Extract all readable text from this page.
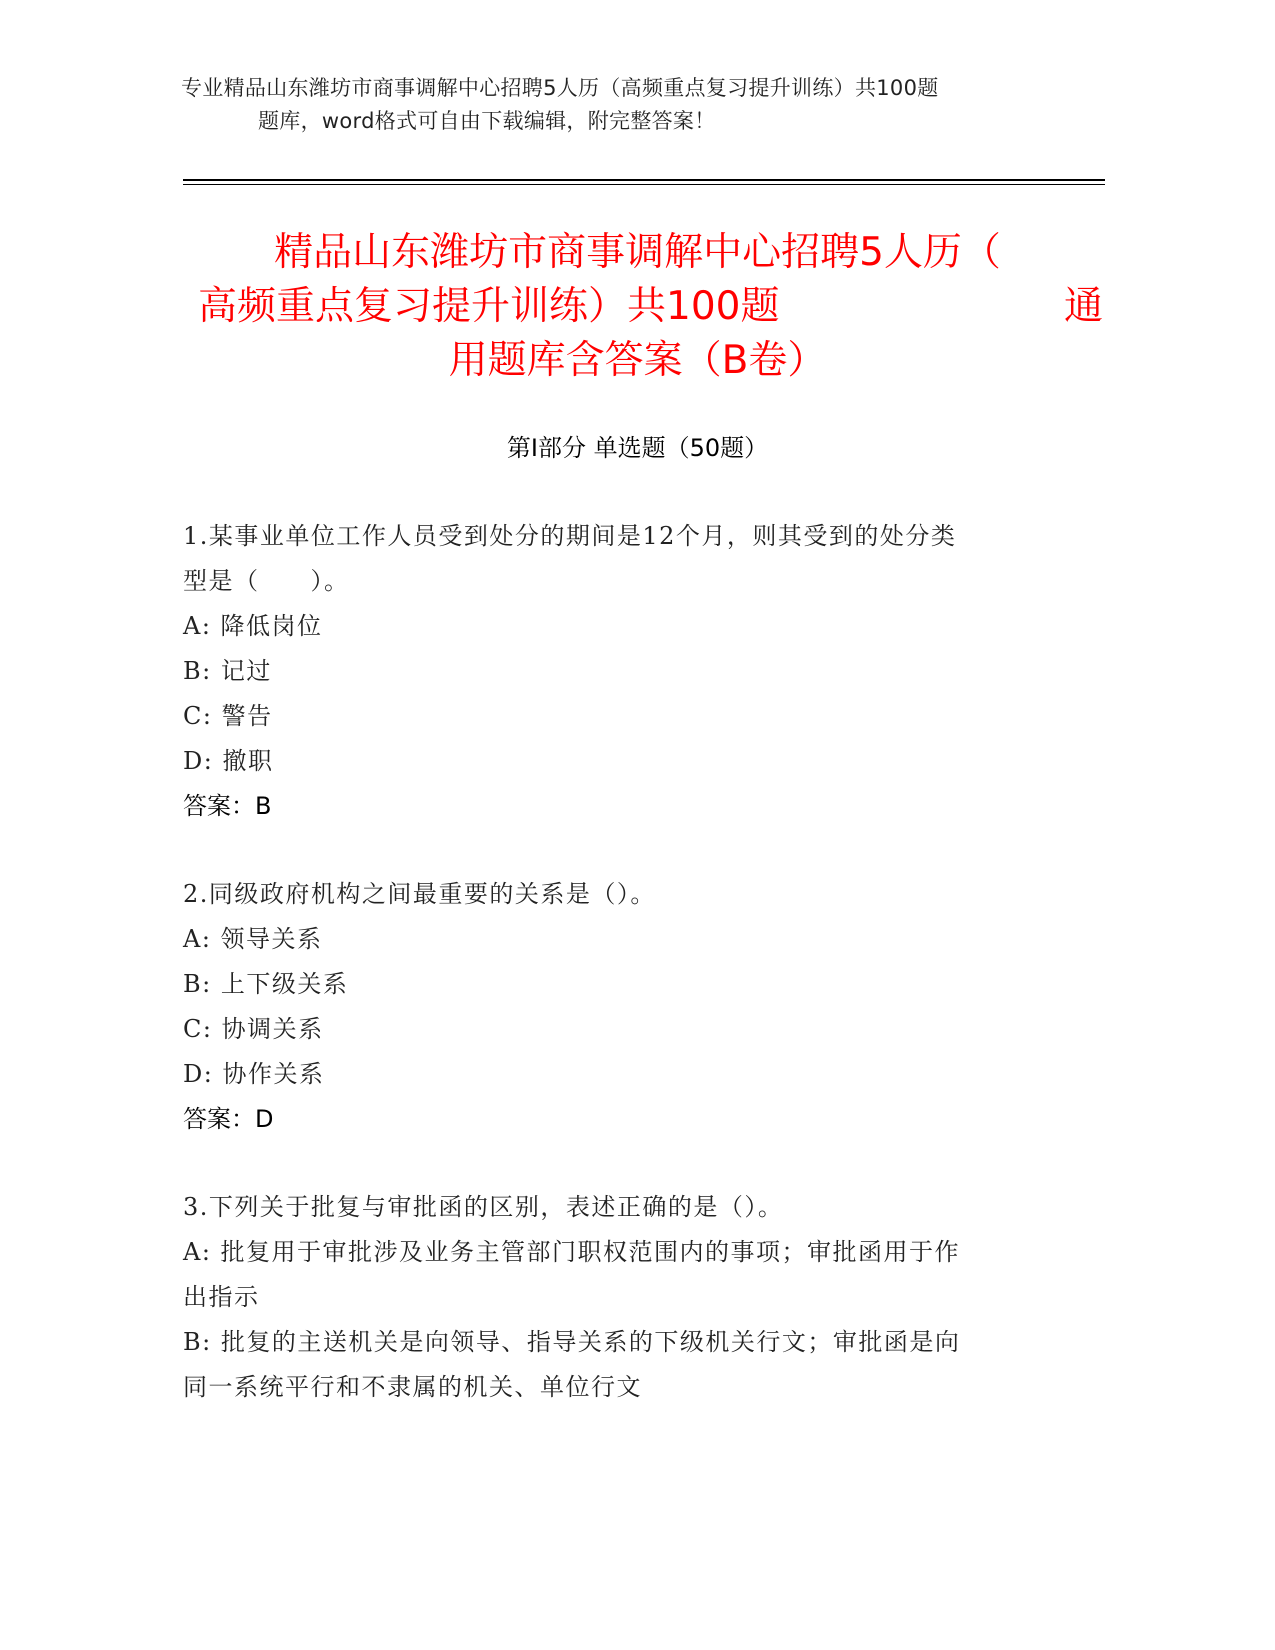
专业精品山东潍坊市商事调解中心招聘5人历（高频重点复习提升训练）共100题
题库，word格式可自由下载编辑，附完整答案！
精品山东潍坊市商事调解中心招聘5人历（
高频重点复习提升训练）共100题	通
用题库含答案（B卷）
第Ⅰ部分 单选题（50题）
1.某事业单位工作人员受到处分的期间是12个月，则其受到的处分类
型是（　　）。
A: 降低岗位
B: 记过
C: 警告
D: 撤职
答案：B
2.同级政府机构之间最重要的关系是（）。
A: 领导关系
B: 上下级关系
C: 协调关系
D: 协作关系
答案：D
3.下列关于批复与审批函的区别，表述正确的是（）。
A: 批复用于审批涉及业务主管部门职权范围内的事项；审批函用于作
出指示
B: 批复的主送机关是向领导、指导关系的下级机关行文；审批函是向
同一系统平行和不隶属的机关、单位行文
